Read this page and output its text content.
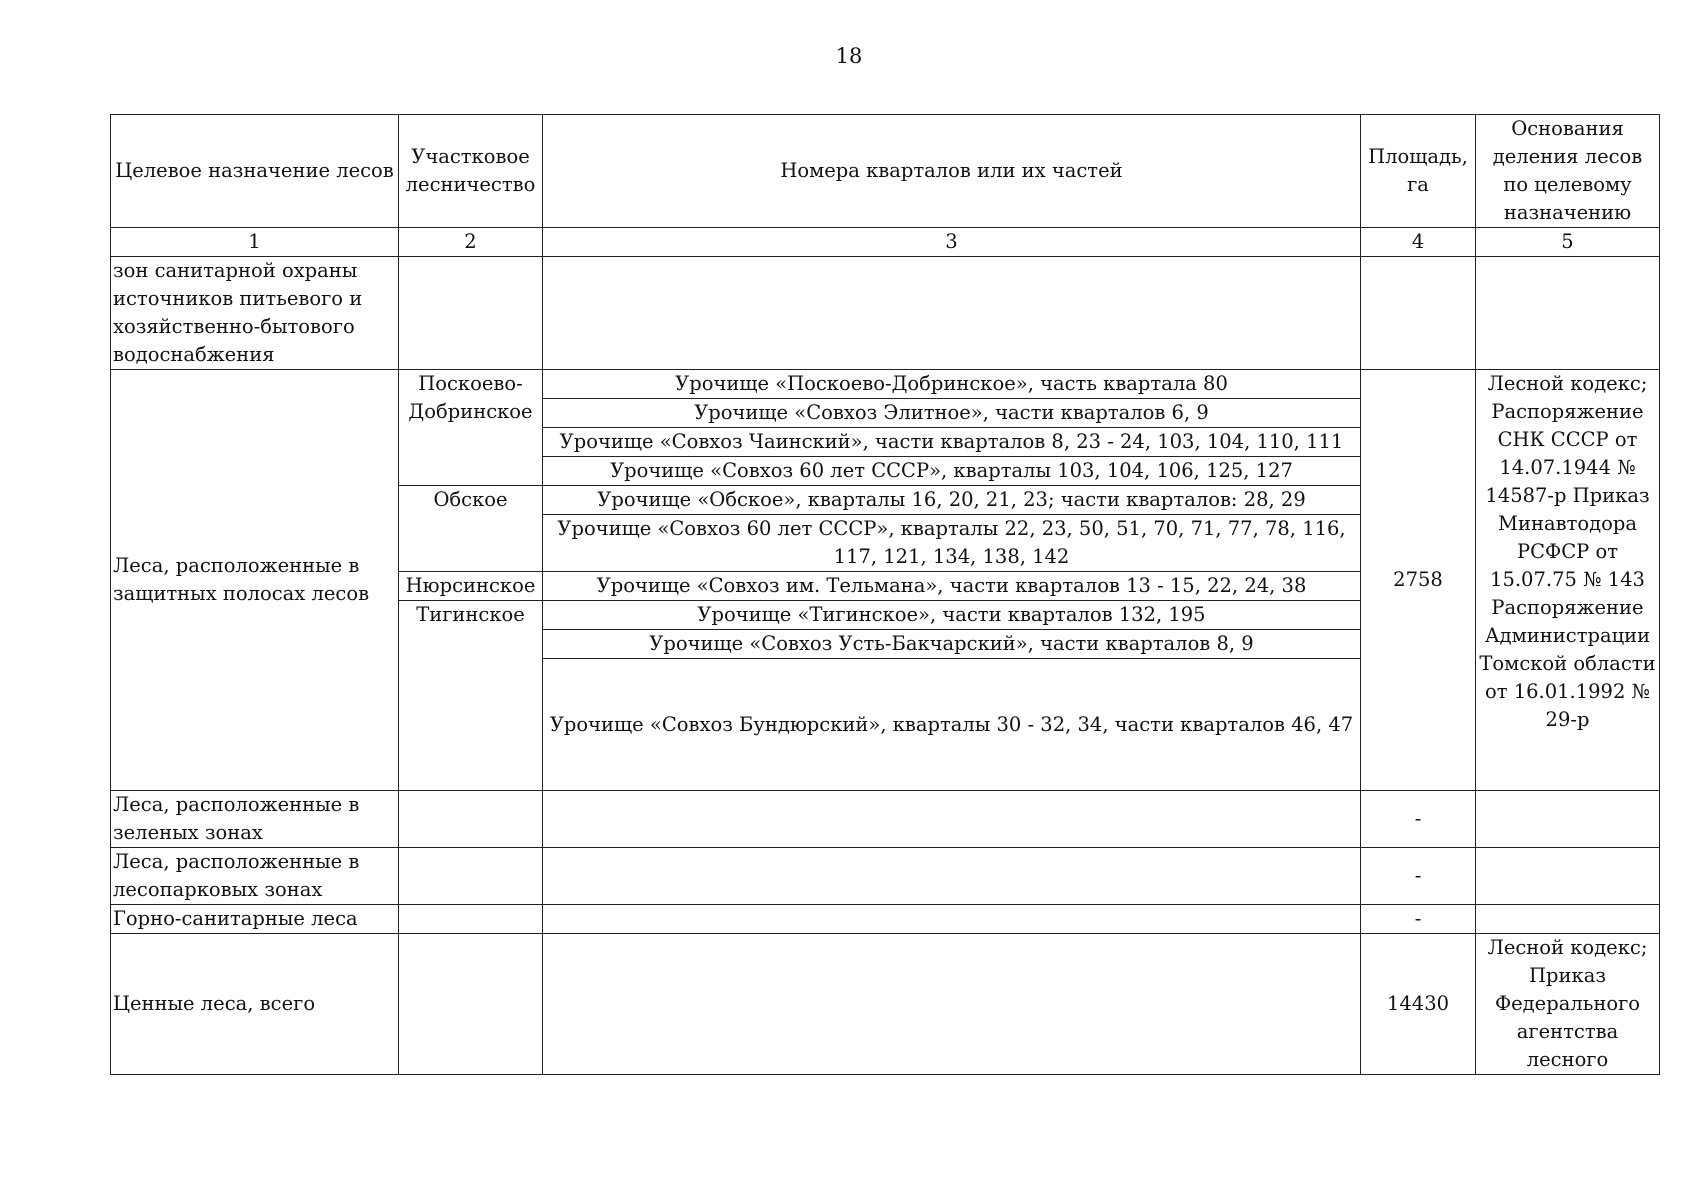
18
Целевое назначение лесов	Участковое лесничество	Номера кварталов или их частей	Площадь, га	Основания деления лесов по целевому назначению
1	2	3	4	5
зон санитарной охраны источников питьевого и хозяйственно-бытового водоснабжения				
Леса, расположенные в защитных полосах лесов	Поскоево-Добринское	Урочище «Поскоево-Добринское», часть квартала 80	2758	Лесной кодекс; Распоряжение СНК СССР от 14.07.1944 № 14587-р Приказ Минавтодора РСФСР от 15.07.75 № 143 Распоряжение Администрации Томской области от 16.01.1992 № 29-р
		Урочище «Совхоз Элитное», части кварталов 6, 9		
		Урочище «Совхоз Чаинский», части кварталов 8, 23 - 24, 103, 104, 110, 111		
		Урочище «Совхоз 60 лет СССР», кварталы 103, 104, 106, 125, 127		
	Обское	Урочище «Обское», кварталы 16, 20, 21, 23; части кварталов: 28, 29		
		Урочище «Совхоз 60 лет СССР», кварталы 22, 23, 50, 51, 70, 71, 77, 78, 116, 117, 121, 134, 138, 142		
	Нюрсинское	Урочище «Совхоз им. Тельмана», части кварталов 13 - 15, 22, 24, 38		
	Тигинское	Урочище «Тигинское», части кварталов 132, 195		
		Урочище «Совхоз Усть-Бакчарский», части кварталов 8, 9		
		Урочище «Совхоз Бундюрский», кварталы 30 - 32, 34, части кварталов 46, 47		
Леса, расположенные в зеленых зонах			-	
Леса, расположенные в лесопарковых зонах			-	
Горно-санитарные леса			-	
Ценные леса, всего			14430	Лесной кодекс; Приказ Федерального агентства лесного
